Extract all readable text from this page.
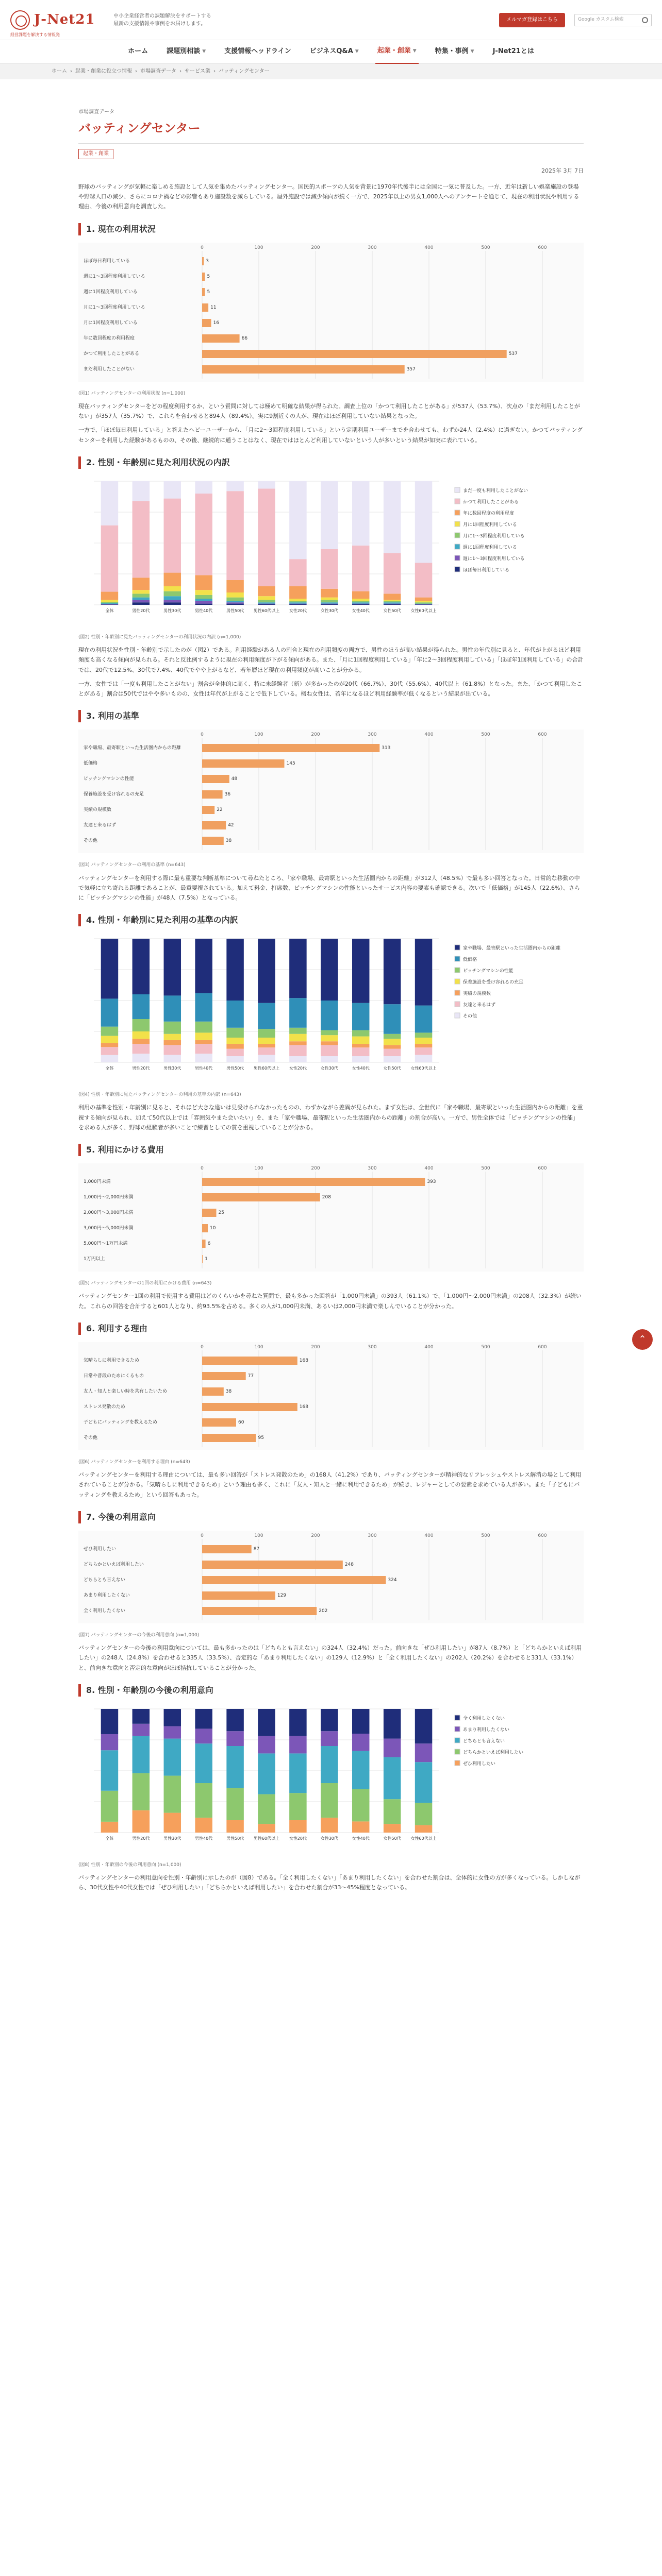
J-Net21
経営課題を解決する情報発
中小企業経営者の課題解決をサポートする
最新の支援情報や事例をお届けします。
メルマガ登録はこちら	Google カスタム検索
ホーム	課題別相談 ▼	支援情報ヘッドライン	ビジネスQ&A ▼	起業・創業 ▼	特集・事例 ▼	J-Net21とは
ホーム › 起業・創業に役立つ情報 › 市場調査データ › サービス業 › バッティングセンター
市場調査データ
バッティングセンター
起業・創業
2025年 3月 7日

野球のバッティングが気軽に楽しめる施設として人気を集めたバッティングセンター。国民的スポーツの人気を背景に1970年代後半には全国に一気に普及した。一方、近年は新しい娯楽施設の登場や野球人口の減少、さらにコロナ禍などの影響もあり施設数を減らしている。屋外施設では減少傾向が続く一方で、2025年以上の男女1,000人へのアンケートを通じて、現在の利用状況や利用する理由、今後の利用意向を調査した。

1. 現在の利用状況
0	100	200	300	400	500	600
ほぼ毎日利用している	3
週に1〜3回程度利用している	5
週に1回程度利用している	5
月に1〜3回程度利用している	11
月に1回程度利用している	16
年に数回程度の利用程度	66
かつて利用したことがある	537
まだ利用したことがない	357
(図1) バッティングセンターの利用状況 (n=1,000)

現在バッティングセンターをどの程度利用するか、という質問に対しては極めて明確な結果が得られた。調査上位の「かつて利用したことがある」が537人（53.7%）、次点の「まだ利用したことがない」が357人（35.7%）で、これらを合わせると894人（89.4%）。実に9割近くの人が、現在はほぼ利用していない結果となった。

一方で、「ほぼ毎日利用している」と答えたヘビーユーザーから、「月に2〜3回程度利用している」という定期利用ユーザーまでを合わせても、わずか24人（2.4%）に過ぎない。かつてバッティングセンターを利用した経験があるものの、その後、継続的に通うことはなく、現在ではほとんど利用していないという人が多いという結果が如実に表れている。

2. 性別・年齢別に見た利用状況の内訳
全体	男性20代	男性30代	男性40代	男性50代 男性60代以上 女性20代	女性30代	女性40代	女性50代 女性60代以上
まだ一度も利用したことがない
かつて利用したことがある
年に数回程度の利用程度
月に1回程度利用している
月に1〜3回程度利用している
週に1回程度利用している
週に1〜3回程度利用している
ほぼ毎日利用している
(図2) 性別・年齢別に見たバッティングセンターの利用状況の内訳 (n=1,000)

現在の利用状況を性別・年齢別で示したのが（図2）である。利用経験がある人の割合と現在の利用頻度の両方で、男性のほうが高い結果が得られた。男性の年代別に見ると、年代が上がるほど利用頻度も高くなる傾向が見られる。それと反比例するように現在の利用頻度が下がる傾向がある。また、「月に1回程度利用している」「年に2〜3回程度利用している」「ほぼ年1回利用している」の合計では、20代で12.5%、30代で7.4%、40代でやや上がるなど、若年層ほど現在の利用頻度が高いことが分かる。

一方、女性では「一度も利用したことがない」割合が全体的に高く、特に未経験者（新）が多かったのが20代（66.7%）、30代（55.6%）、40代以上（61.8%）となった。また、「かつて利用したことがある」割合は50代ではやや多いものの、女性は年代が上がることで低下している。概ね女性は、若年になるほど利用経験率が低くなるという結果が出ている。

3. 利用の基準
0	100	200	300	400	500	600
家や職場、最寄駅といった生活圏内からの距離	313
低価格	145
ピッチングマシンの性能	48
保養施設を受け容れるの充足	36
実績の規模数	22
友達と来るはず	42
その他	38
(図3) バッティングセンターの利用の基準 (n=643)

バッティングセンターを利用する際に最も重要な判断基準について尋ねたところ、「家や職場、最寄駅といった生活圏内からの距離」が312人（48.5%）で最も多い回答となった。日常的な移動の中で気軽に立ち寄れる距離であることが、最重要視されている。加えて料金、打席数、ピッチングマシンの性能といったサービス内容の要素も確認できる。次いで「低価格」が145人（22.6%）、さらに「ピッチングマシンの性能」が48人（7.5%）となっている。

4. 性別・年齢別に見た利用の基準の内訳
全体	男性20代	男性30代	男性40代	男性50代 男性60代以上 女性20代	女性30代	女性40代	女性50代 女性60代以上
家や職場、最寄駅といった生活圏内からの距離
低価格
ピッチングマシンの性能
保養施設を受け容れるの充足
実績の規模数
友達と来るはず
その他
(図4) 性別・年齢別に見たバッティングセンターの利用の基準の内訳 (n=643)

利用の基準を性別・年齢別に見ると、それほど大きな違いは見受けられなかったものの、わずかながら差異が見られた。まず女性は、全世代に「家や職場、最寄駅といった生活圏内からの距離」を重視する傾向が見られ、加えて50代以上では「雰囲気やまた会いたい」を、また「家や職場、最寄駅といった生活圏内からの距離」の割合が高い。一方で、男性全体では「ピッチングマシンの性能」を求める人が多く、野球の経験者が多いことで練習としての質を重視していることが分かる。

5. 利用にかける費用
0	100	200	300	400	500	600
1,000円未満	393
1,000円〜2,000円未満	208
2,000円〜3,000円未満	25
3,000円〜5,000円未満	10
5,000円〜1万円未満	6
1万円以上	1
(図5) バッティングセンターの1回の利用にかける費用 (n=643)

バッティングセンター1回の利用で使用する費用はどのくらいかを尋ねた質問で、最も多かった回答が「1,000円未満」の393人（61.1%）で、「1,000円〜2,000円未満」の208人（32.3%）が続いた。これらの回答を合計すると601人となり、約93.5%を占める。多くの人が1,000円未満、あるいは2,000円未満で楽しんでいることが分かった。

6. 利用する理由
0	100	200	300	400	500	600
気晴らしに利用できるため	168
日常や普段のためにくるもの	77
友人・知人と楽しい時を共有したいため	38
ストレス発散のため	168
子どもにバッティングを教えるため	60
その他	95
(図6) バッティングセンターを利用する理由 (n=643)

バッティングセンターを利用する理由については、最も多い回答が「ストレス発散のため」の168人（41.2%）であり、バッティングセンターが精神的なリフレッシュやストレス解消の場として利用されていることが分かる。「気晴らしに利用できるため」という理由も多く、これに「友人・知人と一緒に利用できるため」が続き、レジャーとしての要素を求めている人が多い。また「子どもにバッティングを教えるため」という回答もあった。

7. 今後の利用意向
0	100	200	300	400	500	600
ぜひ利用したい	87
どちらかといえば利用したい	248
どちらとも言えない	324
あまり利用したくない	129
全く利用したくない	202
(図7) バッティングセンターの今後の利用意向 (n=1,000)

バッティングセンターの今後の利用意向については、最も多かったのは「どちらとも言えない」の324人（32.4%）だった。前向きな「ぜひ利用したい」が87人（8.7%）と「どちらかといえば利用したい」の248人（24.8%）を合わせると335人（33.5%）、否定的な「あまり利用したくない」の129人（12.9%）と「全く利用したくない」の202人（20.2%）を合わせると331人（33.1%）と、前向きな意向と否定的な意向がほぼ拮抗していることが分かった。

8. 性別・年齢別の今後の利用意向
全体	男性20代	男性30代	男性40代	男性50代 男性60代以上 女性20代	女性30代	女性40代	女性50代 女性60代以上
全く利用したくない
あまり利用したくない
どちらとも言えない
どちらかといえば利用したい
ぜひ利用したい
(図8) 性別・年齢別の今後の利用意向 (n=1,000)

バッティングセンターの利用意向を性別・年齢別に示したのが（図8）である。「全く利用したくない」「あまり利用したくない」を合わせた割合は、全体的に女性の方が多くなっている。しかしながら、30代女性や40代女性では「ぜひ利用したい」「どちらかといえば利用したい」を合わせた割合が33〜45%程度となっている。

⌃
